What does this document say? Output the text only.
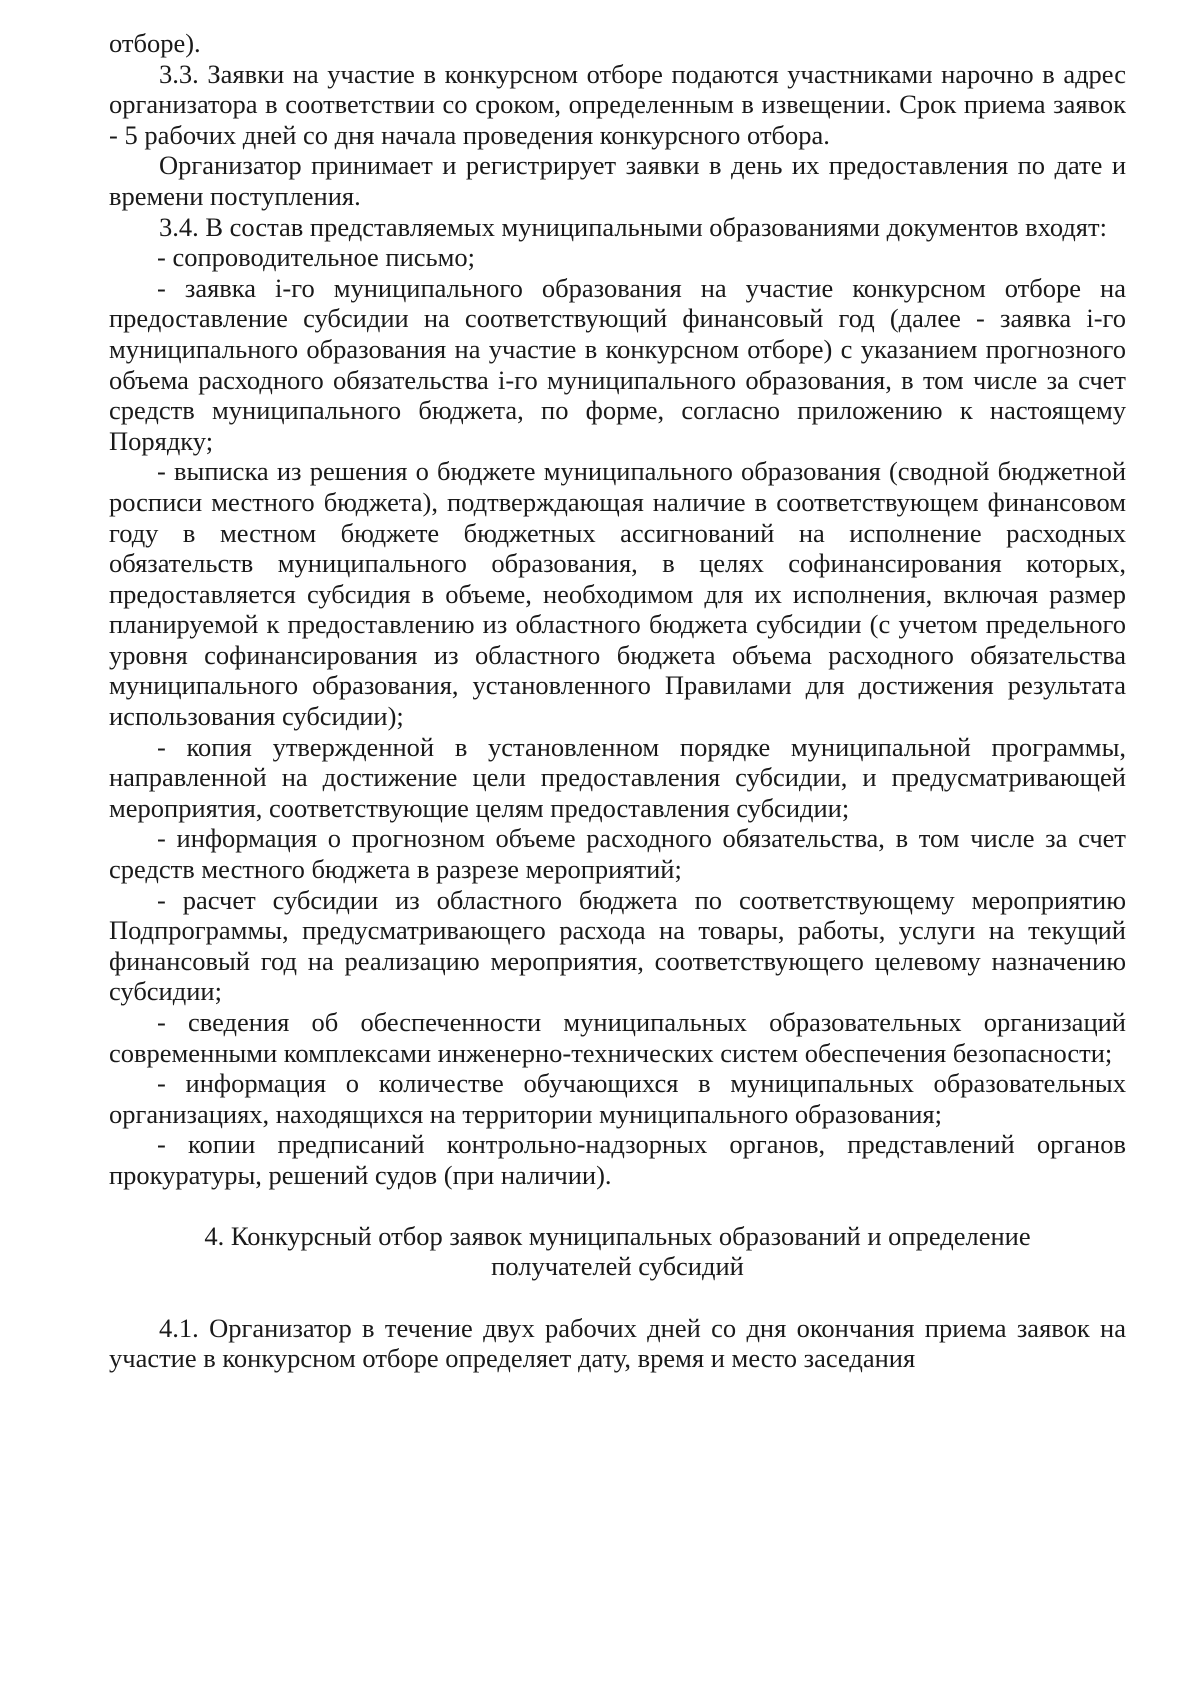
отборе).

3.3. Заявки на участие в конкурсном отборе подаются участниками нарочно в адрес организатора в соответствии со сроком, определенным в извещении. Срок приема заявок - 5 рабочих дней со дня начала проведения конкурсного отбора.

Организатор принимает и регистрирует заявки в день их предоставления по дате и времени поступления.

3.4. В состав представляемых муниципальными образованиями документов входят:

- сопроводительное письмо;

- заявка i-го муниципального образования на участие конкурсном отборе на предоставление субсидии на соответствующий финансовый год (далее - заявка i-го муниципального образования на участие в конкурсном отборе) с указанием прогнозного объема расходного обязательства i-го муниципального образования, в том числе за счет средств муниципального бюджета, по форме, согласно приложению к настоящему Порядку;

- выписка из решения о бюджете муниципального образования (сводной бюджетной росписи местного бюджета), подтверждающая наличие в соответствующем финансовом году в местном бюджете бюджетных ассигнований на исполнение расходных обязательств муниципального образования, в целях софинансирования которых, предоставляется субсидия в объеме, необходимом для их исполнения, включая размер планируемой к предоставлению из областного бюджета субсидии (с учетом предельного уровня софинансирования из областного бюджета объема расходного обязательства муниципального образования, установленного Правилами для достижения результата использования субсидии);

- копия утвержденной в установленном порядке муниципальной программы, направленной на достижение цели предоставления субсидии, и предусматривающей мероприятия, соответствующие целям предоставления субсидии;

- информация о прогнозном объеме расходного обязательства, в том числе за счет средств местного бюджета в разрезе мероприятий;

- расчет субсидии из областного бюджета по соответствующему мероприятию Подпрограммы, предусматривающего расхода на товары, работы, услуги на текущий финансовый год на реализацию мероприятия, соответствующего целевому назначению субсидии;

- сведения об обеспеченности муниципальных образовательных организаций современными комплексами инженерно-технических систем обеспечения безопасности;

- информация о количестве обучающихся в муниципальных образовательных организациях, находящихся на территории муниципального образования;

- копии предписаний контрольно-надзорных органов, представлений органов прокуратуры, решений судов (при наличии).

4. Конкурсный отбор заявок муниципальных образований и определение получателей субсидий

4.1. Организатор в течение двух рабочих дней со дня окончания приема заявок на участие в конкурсном отборе определяет дату, время и место заседания
